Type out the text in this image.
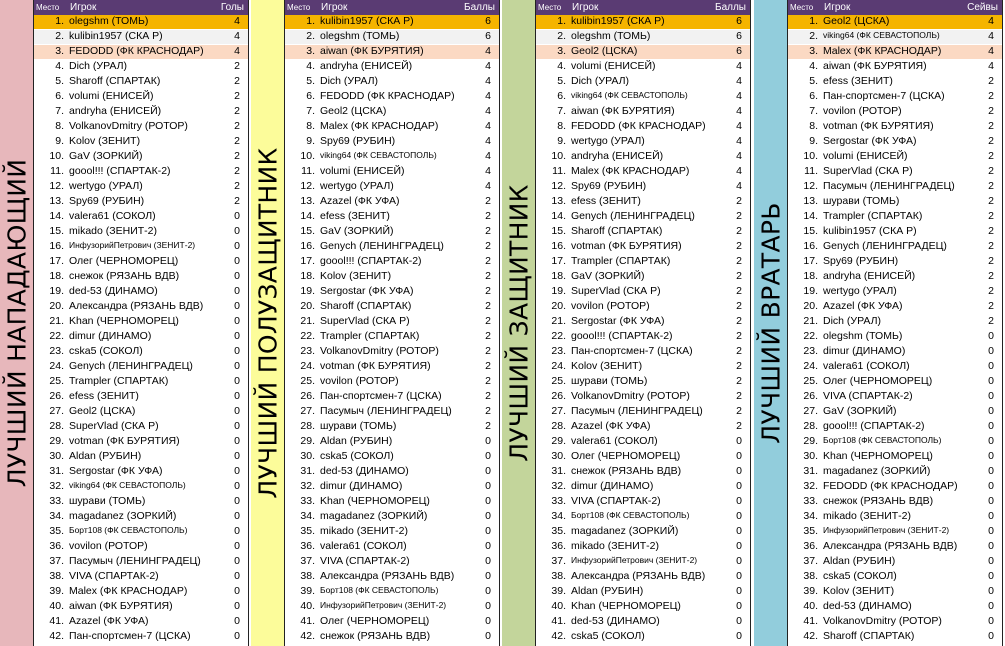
ЛУЧШИЙ НАПАДАЮЩИЙ
Место Игрок	Голы
1. olegshm (ТОМЬ)	4
2. kulibin1957 (СКА Р)	4
3. FEDODD (ФК КРАСНОДАР)	4
4. Dich (УРАЛ)	2
5. Sharoff (СПАРТАК)	2
6. volumi (ЕНИСЕЙ)	2
7. andryha (ЕНИСЕЙ)	2
8. VolkanovDmitry (РОТОР)	2
9. Kolov (ЗЕНИТ)	2
10. GaV (ЗОРКИЙ)	2
11. goool!!! (СПАРТАК-2)	2
12. wertygo (УРАЛ)	2
13. Spy69 (РУБИН)	2
14. valera61 (СОКОЛ)	0
15. mikado (ЗЕНИТ-2)	0
16. ИнфузорийПетрович (ЗЕНИТ-2)	0
17. Олег (ЧЕРНОМОРЕЦ)	0
18. снежок (РЯЗАНЬ ВДВ)	0
19. ded-53 (ДИНАМО)	0
20. Александра (РЯЗАНЬ ВДВ)	0
21. Khan (ЧЕРНОМОРЕЦ)	0
22. dimur (ДИНАМО)	0
23. cska5 (СОКОЛ)	0
24. Genych (ЛЕНИНГРАДЕЦ)	0
25. Trampler (СПАРТАК)	0
26. efess (ЗЕНИТ)	0
27. Geol2 (ЦСКА)	0
28. SuperVlad (СКА Р)	0
29. votman (ФК БУРЯТИЯ)	0
30. Aldan (РУБИН)	0
31. Sergostar (ФК УФА)	0
32. viking64 (ФК СЕВАСТОПОЛЬ)	0
33. шурави (ТОМЬ)	0
34. magadanez (ЗОРКИЙ)	0
35. Борт108 (ФК СЕВАСТОПОЛЬ)	0
36. vovilon (РОТОР)	0
37. Пасумыч (ЛЕНИНГРАДЕЦ)	0
38. VIVA (СПАРТАК-2)	0
39. Malex (ФК КРАСНОДАР)	0
40. aiwan (ФК БУРЯТИЯ)	0
41. Azazel (ФК УФА)	0
42. Пан-спортсмен-7 (ЦСКА)	0
ЛУЧШИЙ ПОЛУЗАЩИТНИК
Место Игрок	Баллы
1. kulibin1957 (СКА Р)	6
2. olegshm (ТОМЬ)	6
3. aiwan (ФК БУРЯТИЯ)	4
4. andryha (ЕНИСЕЙ)	4
5. Dich (УРАЛ)	4
6. FEDODD (ФК КРАСНОДАР)	4
7. Geol2 (ЦСКА)	4
8. Malex (ФК КРАСНОДАР)	4
9. Spy69 (РУБИН)	4
10. viking64 (ФК СЕВАСТОПОЛЬ)	4
11. volumi (ЕНИСЕЙ)	4
12. wertygo (УРАЛ)	4
13. Azazel (ФК УФА)	2
14. efess (ЗЕНИТ)	2
15. GaV (ЗОРКИЙ)	2
16. Genych (ЛЕНИНГРАДЕЦ)	2
17. goool!!! (СПАРТАК-2)	2
18. Kolov (ЗЕНИТ)	2
19. Sergostar (ФК УФА)	2
20. Sharoff (СПАРТАК)	2
21. SuperVlad (СКА Р)	2
22. Trampler (СПАРТАК)	2
23. VolkanovDmitry (РОТОР)	2
24. votman (ФК БУРЯТИЯ)	2
25. vovilon (РОТОР)	2
26. Пан-спортсмен-7 (ЦСКА)	2
27. Пасумыч (ЛЕНИНГРАДЕЦ)	2
28. шурави (ТОМЬ)	2
29. Aldan (РУБИН)	0
30. cska5 (СОКОЛ)	0
31. ded-53 (ДИНАМО)	0
32. dimur (ДИНАМО)	0
33. Khan (ЧЕРНОМОРЕЦ)	0
34. magadanez (ЗОРКИЙ)	0
35. mikado (ЗЕНИТ-2)	0
36. valera61 (СОКОЛ)	0
37. VIVA (СПАРТАК-2)	0
38. Александра (РЯЗАНЬ ВДВ)	0
39. Борт108 (ФК СЕВАСТОПОЛЬ)	0
40. ИнфузорийПетрович (ЗЕНИТ-2)	0
41. Олег (ЧЕРНОМОРЕЦ)	0
42. снежок (РЯЗАНЬ ВДВ)	0
ЛУЧШИЙ ЗАЩИТНИК
Место Игрок	Баллы
1. kulibin1957 (СКА Р)	6
2. olegshm (ТОМЬ)	6
3. Geol2 (ЦСКА)	6
4. volumi (ЕНИСЕЙ)	4
5. Dich (УРАЛ)	4
6. viking64 (ФК СЕВАСТОПОЛЬ)	4
7. aiwan (ФК БУРЯТИЯ)	4
8. FEDODD (ФК КРАСНОДАР)	4
9. wertygo (УРАЛ)	4
10. andryha (ЕНИСЕЙ)	4
11. Malex (ФК КРАСНОДАР)	4
12. Spy69 (РУБИН)	4
13. efess (ЗЕНИТ)	2
14. Genych (ЛЕНИНГРАДЕЦ)	2
15. Sharoff (СПАРТАК)	2
16. votman (ФК БУРЯТИЯ)	2
17. Trampler (СПАРТАК)	2
18. GaV (ЗОРКИЙ)	2
19. SuperVlad (СКА Р)	2
20. vovilon (РОТОР)	2
21. Sergostar (ФК УФА)	2
22. goool!!! (СПАРТАК-2)	2
23. Пан-спортсмен-7 (ЦСКА)	2
24. Kolov (ЗЕНИТ)	2
25. шурави (ТОМЬ)	2
26. VolkanovDmitry (РОТОР)	2
27. Пасумыч (ЛЕНИНГРАДЕЦ)	2
28. Azazel (ФК УФА)	2
29. valera61 (СОКОЛ)	0
30. Олег (ЧЕРНОМОРЕЦ)	0
31. снежок (РЯЗАНЬ ВДВ)	0
32. dimur (ДИНАМО)	0
33. VIVA (СПАРТАК-2)	0
34. Борт108 (ФК СЕВАСТОПОЛЬ)	0
35. magadanez (ЗОРКИЙ)	0
36. mikado (ЗЕНИТ-2)	0
37. ИнфузорийПетрович (ЗЕНИТ-2)	0
38. Александра (РЯЗАНЬ ВДВ)	0
39. Aldan (РУБИН)	0
40. Khan (ЧЕРНОМОРЕЦ)	0
41. ded-53 (ДИНАМО)	0
42. cska5 (СОКОЛ)	0
ЛУЧШИЙ ВРАТАРЬ
Место Игрок	Сейвы
1. Geol2 (ЦСКА)	4
2. viking64 (ФК СЕВАСТОПОЛЬ)	4
3. Malex (ФК КРАСНОДАР)	4
4. aiwan (ФК БУРЯТИЯ)	4
5. efess (ЗЕНИТ)	2
6. Пан-спортсмен-7 (ЦСКА)	2
7. vovilon (РОТОР)	2
8. votman (ФК БУРЯТИЯ)	2
9. Sergostar (ФК УФА)	2
10. volumi (ЕНИСЕЙ)	2
11. SuperVlad (СКА Р)	2
12. Пасумыч (ЛЕНИНГРАДЕЦ)	2
13. шурави (ТОМЬ)	2
14. Trampler (СПАРТАК)	2
15. kulibin1957 (СКА Р)	2
16. Genych (ЛЕНИНГРАДЕЦ)	2
17. Spy69 (РУБИН)	2
18. andryha (ЕНИСЕЙ)	2
19. wertygo (УРАЛ)	2
20. Azazel (ФК УФА)	2
21. Dich (УРАЛ)	2
22. olegshm (ТОМЬ)	0
23. dimur (ДИНАМО)	0
24. valera61 (СОКОЛ)	0
25. Олег (ЧЕРНОМОРЕЦ)	0
26. VIVA (СПАРТАК-2)	0
27. GaV (ЗОРКИЙ)	0
28. goool!!! (СПАРТАК-2)	0
29. Борт108 (ФК СЕВАСТОПОЛЬ)	0
30. Khan (ЧЕРНОМОРЕЦ)	0
31. magadanez (ЗОРКИЙ)	0
32. FEDODD (ФК КРАСНОДАР)	0
33. снежок (РЯЗАНЬ ВДВ)	0
34. mikado (ЗЕНИТ-2)	0
35. ИнфузорийПетрович (ЗЕНИТ-2)	0
36. Александра (РЯЗАНЬ ВДВ)	0
37. Aldan (РУБИН)	0
38. cska5 (СОКОЛ)	0
39. Kolov (ЗЕНИТ)	0
40. ded-53 (ДИНАМО)	0
41. VolkanovDmitry (РОТОР)	0
42. Sharoff (СПАРТАК)	0
